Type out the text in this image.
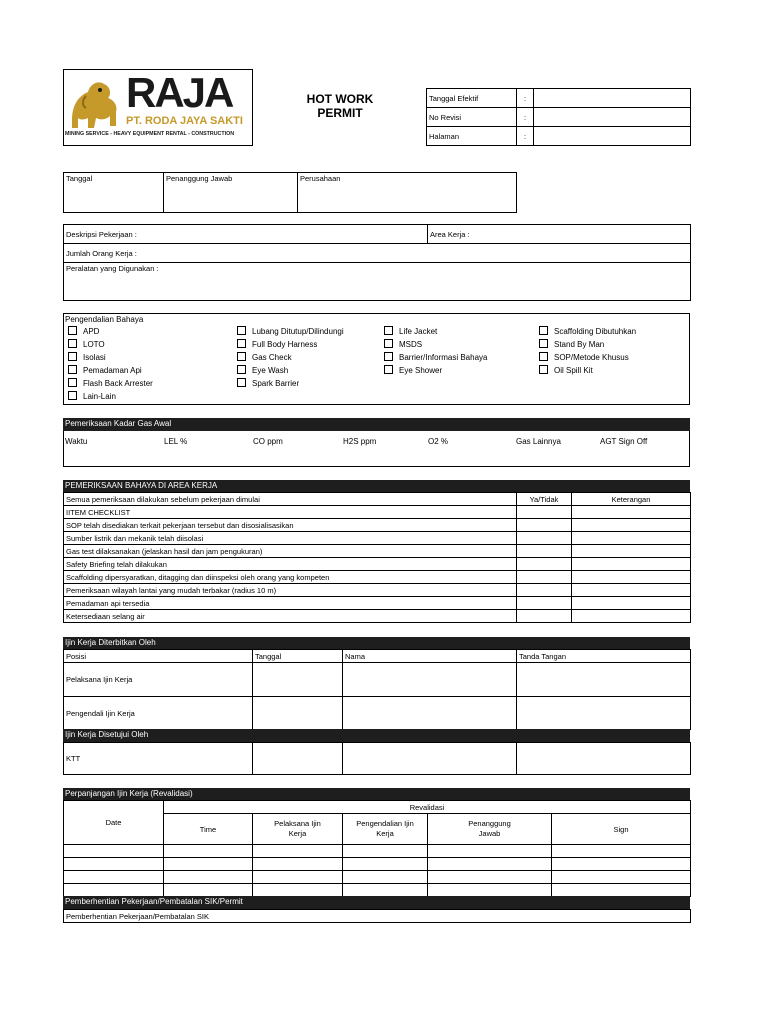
RAJA
PT. RODA JAYA SAKTI
MINING SERVICE - HEAVY EQUIPMENT RENTAL - CONSTRUCTION
HOT WORK
PERMIT
Tanggal Efektif	:	
No Revisi	:	
Halaman	:	
Tanggal	Penanggung Jawab	Perusahaan
Deskripsi Pekerjaan :	Area Kerja :
Jumlah Orang Kerja :
Peralatan yang Digunakan :
Pengendalian Bahaya
APD
LOTO
Isolasi
Pemadaman Api
Flash Back Arrester
Lain-Lain
Lubang Ditutup/Dilindungi
Full Body Harness
Gas Check
Eye Wash
Spark Barrier
Life Jacket
MSDS
Barrier/Informasi Bahaya
Eye Shower
Scaffolding Dibutuhkan
Stand By Man
SOP/Metode Khusus
Oil Spill Kit
Pemeriksaan Kadar Gas Awal
Waktu	LEL %	CO ppm	H2S ppm	O2 %	Gas Lainnya	AGT Sign Off
PEMERIKSAAN BAHAYA DI AREA KERJA
Semua pemeriksaan dilakukan sebelum pekerjaan dimulai	Ya/Tidak	Keterangan
IITEM CHECKLIST		
SOP telah disediakan terkait pekerjaan tersebut dan disosialisasikan		
Sumber listrik dan mekanik telah diisolasi		
Gas test dilaksanakan (jelaskan hasil dan jam pengukuran)		
Safety Briefing telah dilakukan		
Scaffolding dipersyaratkan, ditagging dan diinspeksi oleh orang yang kompeten		
Pemeriksaan wilayah lantai yang mudah terbakar (radius 10 m)		
Pemadaman api tersedia		
Ketersediaan selang air		
Ijin Kerja Diterbitkan Oleh
Posisi	Tanggal	Nama	Tanda Tangan
Pelaksana Ijin Kerja			
Pengendali Ijin Kerja			
Ijin Kerja Disetujui Oleh
KTT			
Perpanjangan Ijin Kerja (Revalidasi)
Date	Revalidasi				
	Time	Pelaksana Ijin Kerja	Pengendalian Ijin Kerja	Penanggung Jawab	Sign

Pemberhentian Pekerjaan/Pembatalan SIK/Permit
Pemberhentian Pekerjaan/Pembatalan SIK
